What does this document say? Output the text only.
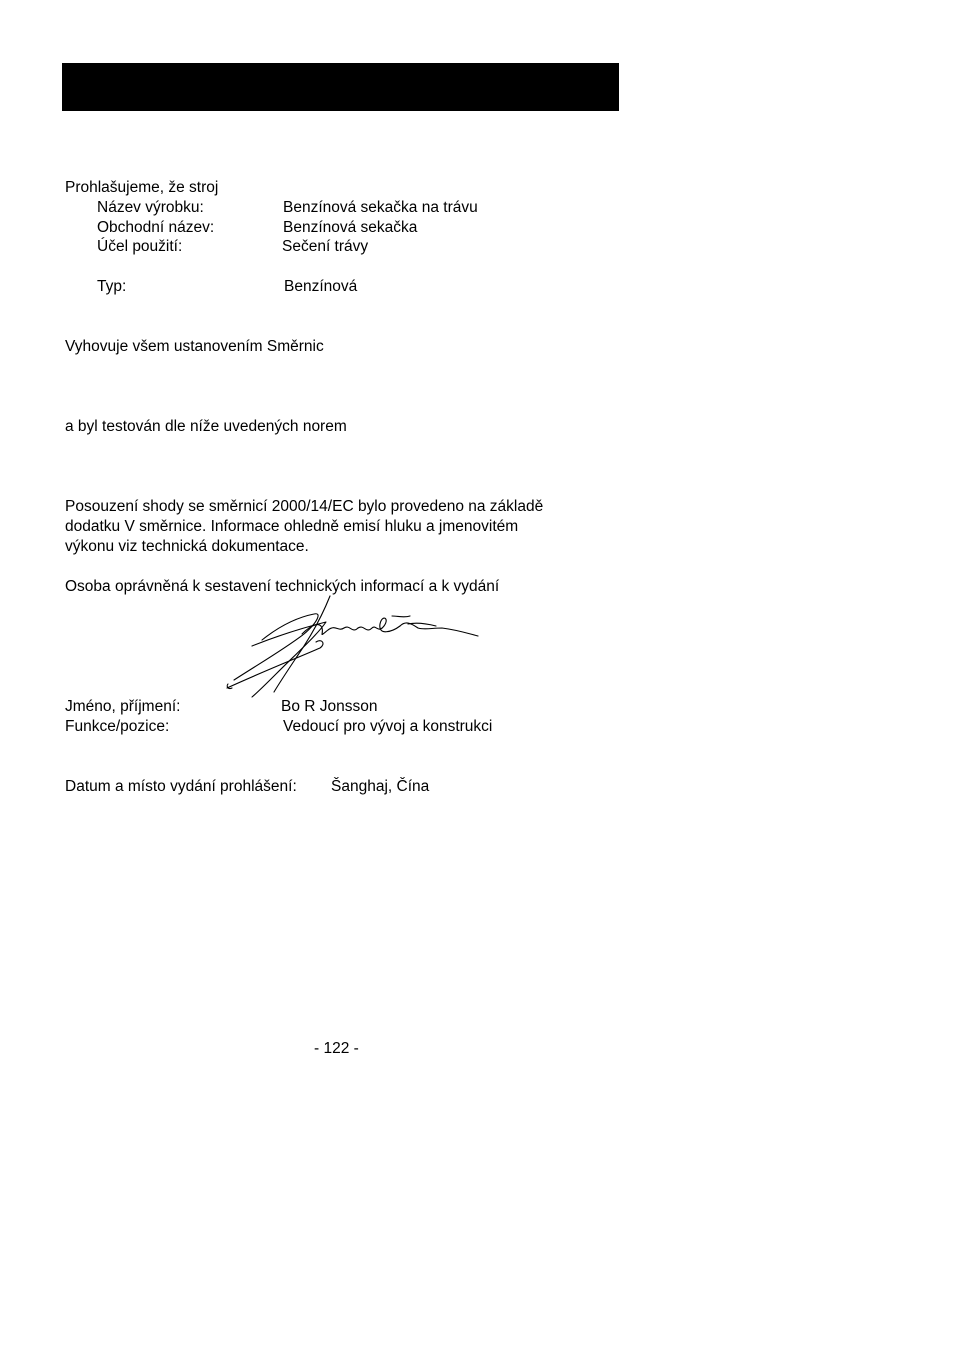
Prohlašujeme, že stroj
Název výrobku:	Benzínová sekačka na trávu
Obchodní název:	Benzínová sekačka
Účel použití:	Sečení trávy
Typ:	Benzínová
Vyhovuje všem ustanovením Směrnic
a byl testován dle níže uvedených norem
Posouzení shody se směrnicí 2000/14/EC bylo provedeno na základě
dodatku V směrnice. Informace ohledně emisí hluku a jmenovitém
výkonu viz technická dokumentace.
Osoba oprávněná k sestavení technických informací a k vydání
Jméno, příjmení:	Bo R Jonsson
Funkce/pozice:	Vedoucí pro vývoj a konstrukci
Datum a místo vydání prohlášení: Šanghaj, Čína
- 122 -
